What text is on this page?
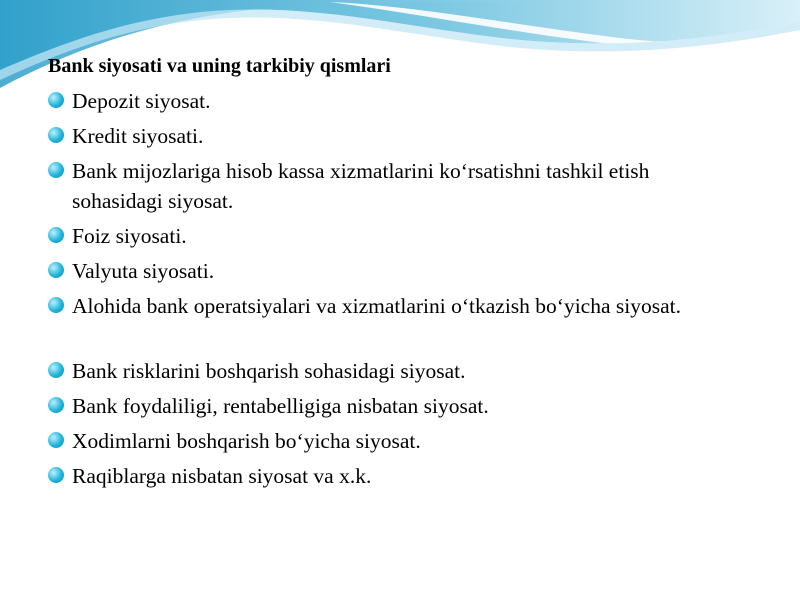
Bank siyosati va uning tarkibiy qismlari
Depozit siyosat.
Kredit siyosati.
Bank mijozlariga hisob kassa xizmatlarini ko‘rsatishni tashkil etish sohasidagi siyosat.
Foiz siyosati.
Valyuta siyosati.
Alohida bank operatsiyalari va xizmatlarini o‘tkazish bo‘yicha siyosat.
Bank risklarini boshqarish sohasidagi siyosat.
Bank foydaliligi, rentabelligiga nisbatan siyosat.
Xodimlarni boshqarish bo‘yicha siyosat.
Raqiblarga nisbatan siyosat va x.k.
